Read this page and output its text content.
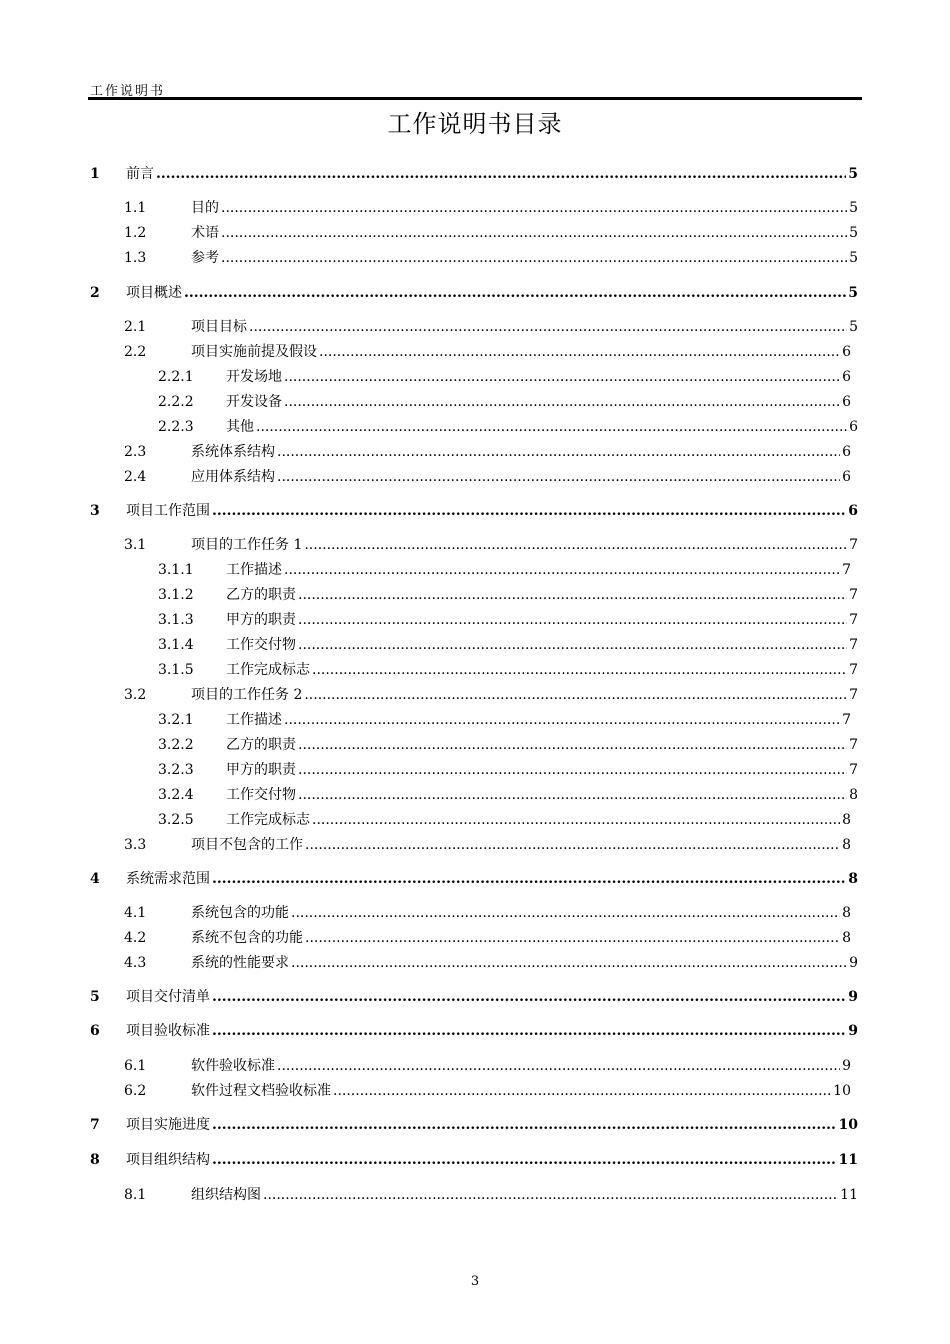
工作说明书
工作说明书目录
1	前言 .....	5
1.1	目的 .....	5
1.2	术语 .....	5
1.3	参考 .....	5
2	项目概述 .....	5
2.1	项目目标 .....	5
2.2	项目实施前提及假设 .....	6
2.2.1	开发场地 .....	6
2.2.2	开发设备 .....	6
2.2.3	其他 .....	6
2.3	系统体系结构 .....	6
2.4	应用体系结构 .....	6
3	项目工作范围 .....	6
3.1	项目的工作任务 1 .....	7
3.1.1	工作描述 .....	7
3.1.2	乙方的职责 .....	7
3.1.3	甲方的职责 .....	7
3.1.4	工作交付物 .....	7
3.1.5	工作完成标志 .....	7
3.2	项目的工作任务 2 .....	7
3.2.1	工作描述 .....	7
3.2.2	乙方的职责 .....	7
3.2.3	甲方的职责 .....	7
3.2.4	工作交付物 .....	8
3.2.5	工作完成标志 .....	8
3.3	项目不包含的工作 .....	8
4	系统需求范围 .....	8
4.1	系统包含的功能 .....	8
4.2	系统不包含的功能 .....	8
4.3	系统的性能要求 .....	9
5	项目交付清单 .....	9
6	项目验收标准 .....	9
6.1	软件验收标准 .....	9
6.2	软件过程文档验收标准 .....	10
7	项目实施进度 .....	10
8	项目组织结构 .....	11
8.1	组织结构图 .....	11
3
